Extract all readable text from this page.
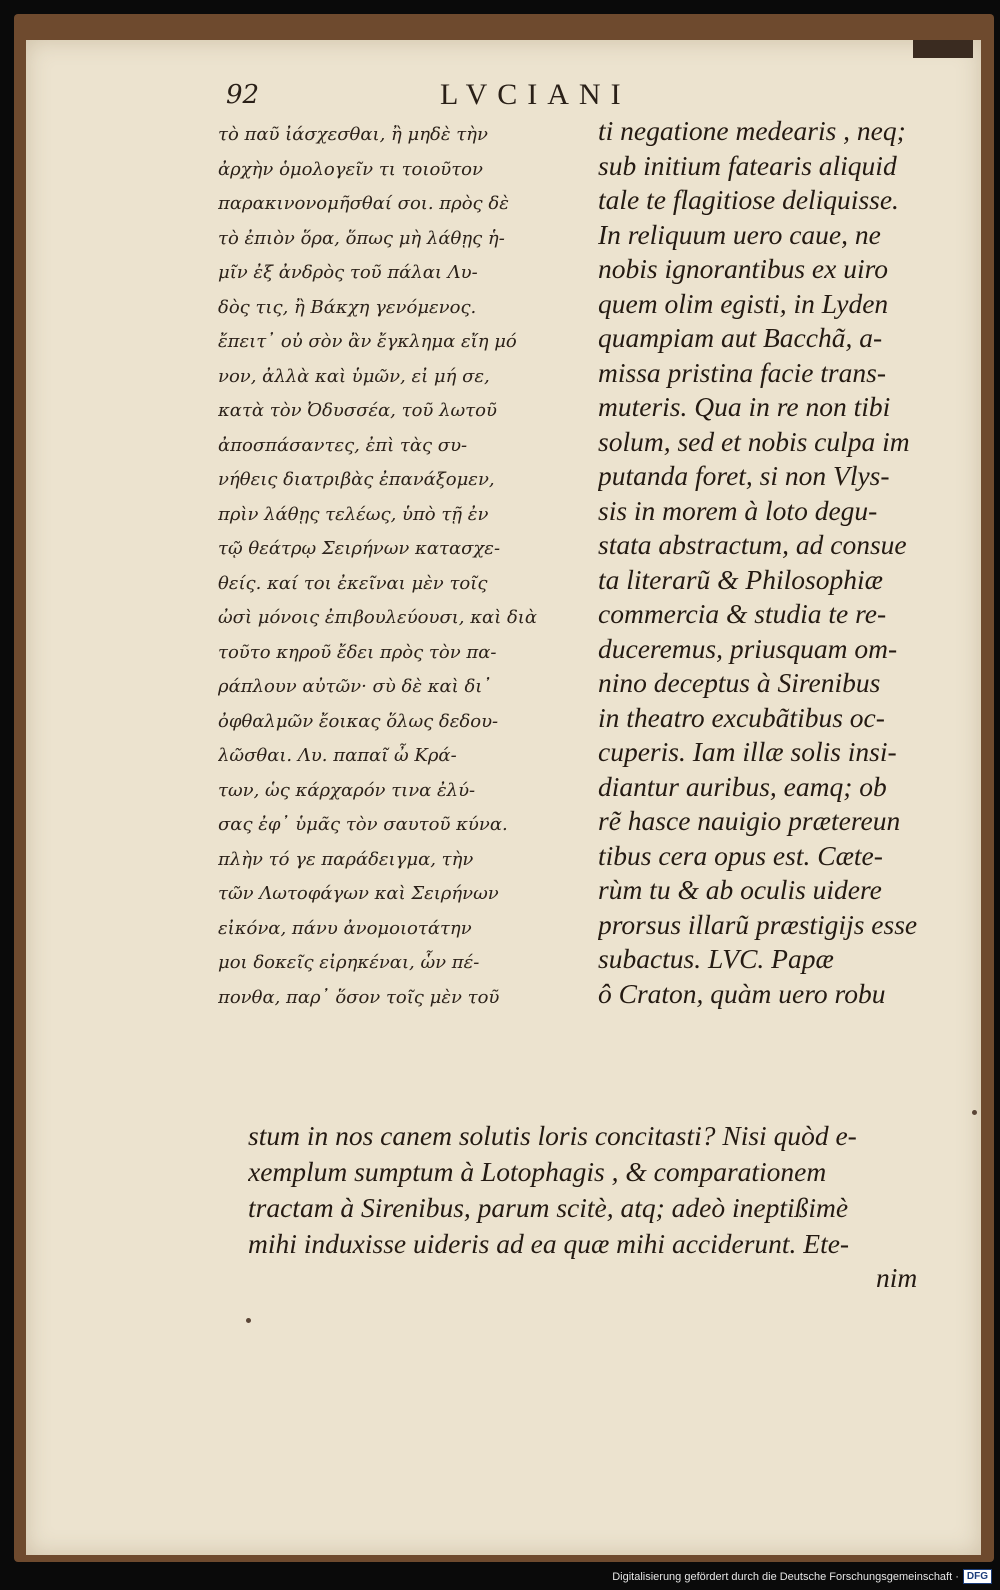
92	LVCIANI
τὸ παῦ ἰάσχεσθαι, ἢ μηδὲ τὴν
ἀρχὴν ὁμολογεῖν τι τοιοῦτον
παρακινονομῆσθαί σοι. πρὸς δὲ
τὸ ἐπιὸν ὅρα, ὅπως μὴ λάθῃς ἡ-
μῖν ἐξ ἀνδρὸς τοῦ πάλαι Λυ-
δὸς τις, ἢ Βάκχη γενόμενος.
ἔπειτ᾽ οὐ σὸν ἂν ἔγκλημα εἴη μό
νον, ἀλλὰ καὶ ὑμῶν, εἰ μή σε,
κατὰ τὸν Ὀδυσσέα, τοῦ λωτοῦ
ἀποσπάσαντες, ἐπὶ τὰς συ-
νήθεις διατριβὰς ἐπανάξομεν,
πρὶν λάθῃς τελέως, ὑπὸ τῇ ἐν
τῷ θεάτρῳ Σειρήνων κατασχε-
θείς. καί τοι ἐκεῖναι μὲν τοῖς
ὠσὶ μόνοις ἐπιβουλεύουσι, καὶ διὰ
τοῦτο κηροῦ ἔδει πρὸς τὸν πα-
ράπλουν αὐτῶν· σὺ δὲ καὶ δι᾽
ὀφθαλμῶν ἔοικας ὅλως δεδου-
λῶσθαι. Λυ. παπαῖ ὦ Κρά-
των, ὡς κάρχαρόν τινα ἐλύ-
σας ἐφ᾽ ὑμᾶς τὸν σαυτοῦ κύνα.
πλὴν τό γε παράδειγμα, τὴν
τῶν Λωτοφάγων καὶ Σειρήνων
εἰκόνα, πάνυ ἀνομοιοτάτην
μοι δοκεῖς εἰρηκέναι, ὧν πέ-
πονθα, παρ᾽ ὅσον τοῖς μὲν τοῦ
ti negatione medearis , neq;
sub initium fatearis aliquid
tale te flagitiose deliquisse.
In reliquum uero caue, ne
nobis ignorantibus ex uiro
quem olim egisti, in Lyden
quampiam aut Bacchã, a-
missa pristina facie trans-
muteris. Qua in re non tibi
solum, sed et nobis culpa im
putanda foret, si non Vlys-
sis in morem à loto degu-
stata abstractum, ad consue
ta literarũ & Philosophiæ
commercia & studia te re-
duceremus, priusquam om-
nino deceptus à Sirenibus
in theatro excubãtibus oc-
cuperis. Iam illæ solis insi-
diantur auribus, eamq; ob
rẽ hasce nauigio prætereun
tibus cera opus est. Cæte-
rùm tu & ab oculis uidere
prorsus illarũ præstigijs esse
subactus. LVC. Papæ
ô Craton, quàm uero robu
stum in nos canem solutis loris concitasti? Nisi quòd e-
xemplum sumptum à Lotophagis , & comparationem
tractam à Sirenibus, parum scitè, atq; adeò ineptißimè
mihi induxisse uideris ad ea quæ mihi acciderunt. Ete-
nim
Digitalisierung gefördert durch die Deutsche Forschungsgemeinschaft · DFG
